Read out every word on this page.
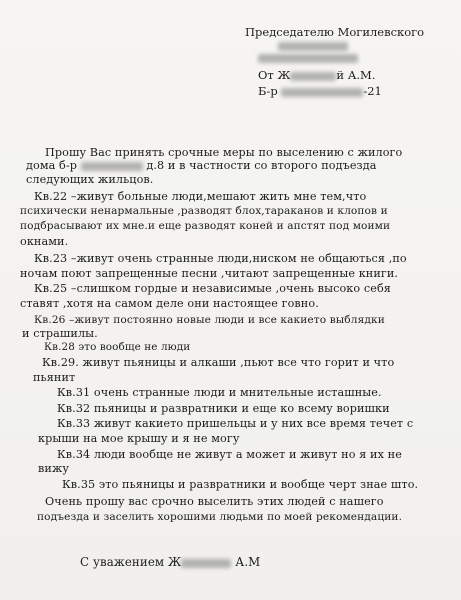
Председателю Могилевского
От Ж	й А.М.
Б-р	-21
Прошу Вас принять срочные меры по выселению с жилого
дома б-р	д.8 и в частности со второго подъезда
следующих жильцов.
Кв.22 –живут больные люди,мешают жить мне тем,что
психически ненармальные ,разводят блох,тараканов и клопов и
подбрасывают их мне.и еще разводят коней и апстят под моими
окнами.
Кв.23 –живут очень странные люди,ниском не общаються ,по
ночам поют запрещенные песни ,читают запрещенные книги.
Кв.25 –слишком гордые и независимые ,очень высоко себя
ставят ,хотя на самом деле они настоящее говно.
Кв.26 –живут постоянно новые люди и все какието выблядки
и страшилы.
Кв.28 это вообще не люди
Кв.29. живут пьяницы и алкаши ,пьют все что горит и что
пьянит
Кв.31 очень странные люди и мнительные исташные.
Кв.32 пьяницы и развратники и еще ко всему воришки
Кв.33 живут какието пришельцы и у них все время течет с
крыши на мое крышу и я не могу
Кв.34 люди вообще не живут а может и живут но я их не
вижу
Кв.35 это пьяницы и развратники и вообще черт знае што.
Очень прошу вас срочно выселить этих людей с нашего
подъезда и заселить хорошими людьми по моей рекомендации.
С уважением Ж	А.М
